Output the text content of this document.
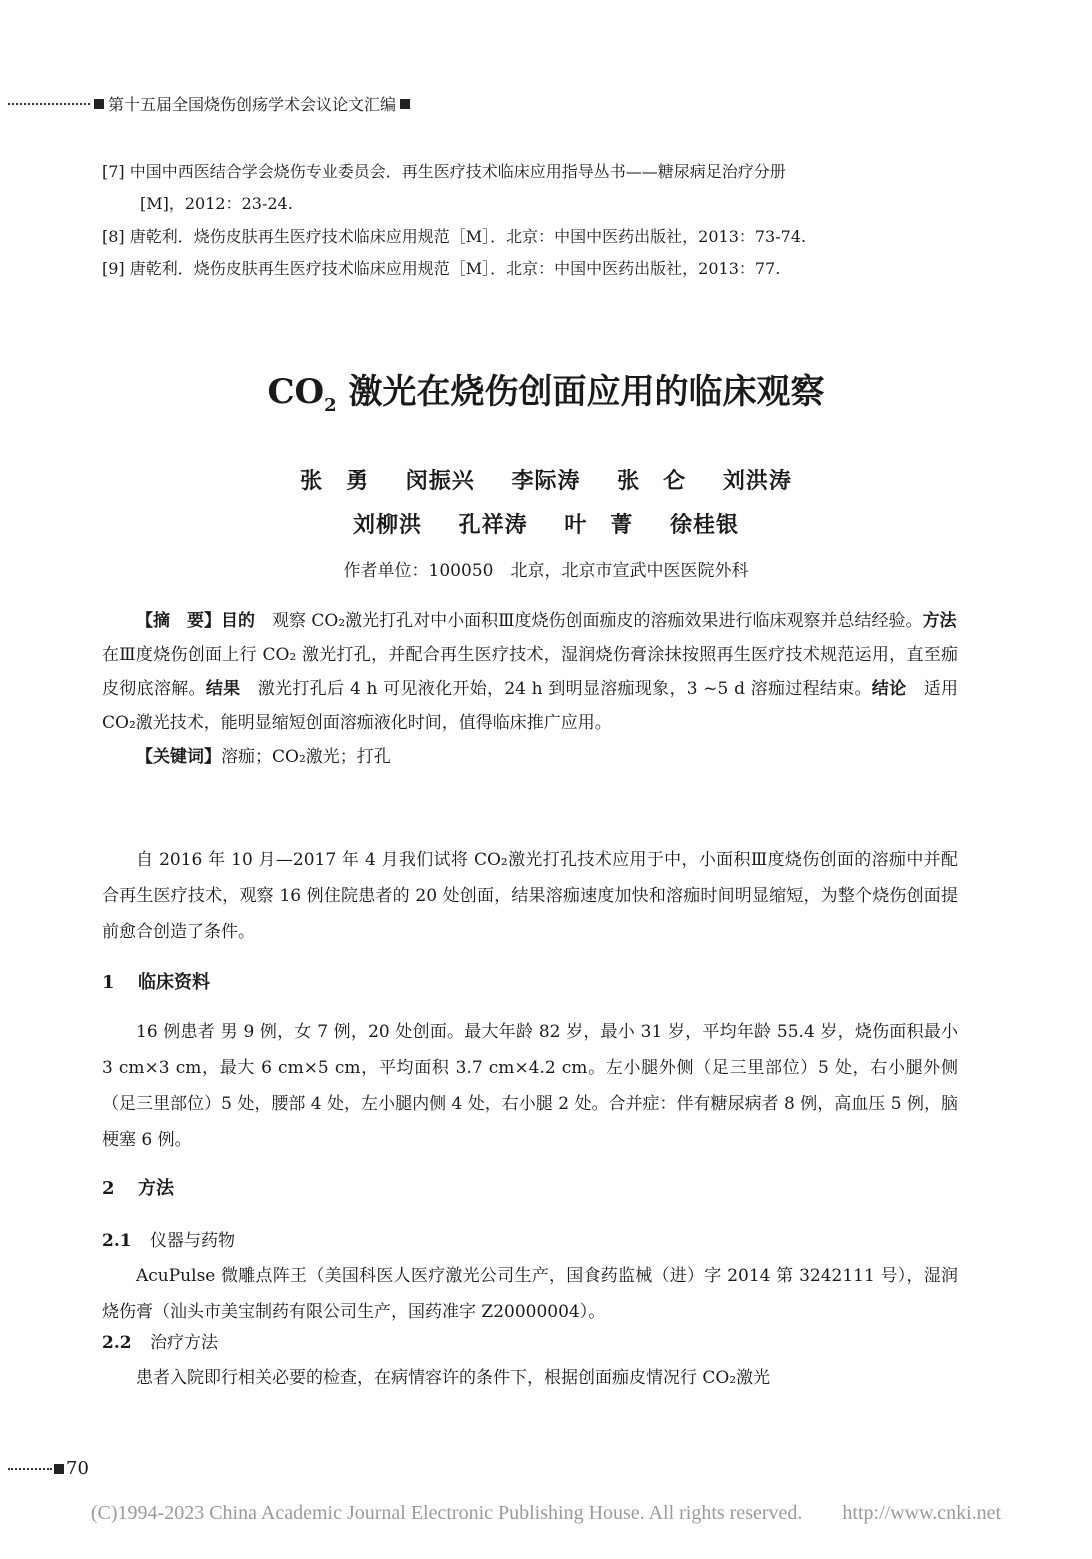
第十五届全国烧伤创疡学术会议论文汇编
[7] 中国中西医结合学会烧伤专业委员会．再生医疗技术临床应用指导丛书——糖尿病足治疗分册
[M]，2012：23-24.
[8] 唐乾利．烧伤皮肤再生医疗技术临床应用规范［M］．北京：中国中医药出版社，2013：73-74.
[9] 唐乾利．烧伤皮肤再生医疗技术临床应用规范［M］．北京：中国中医药出版社，2013：77.
$CO_2$ 激光在烧伤创面应用的临床观察
张　勇 闵振兴 李际涛 张　仑 刘洪涛
刘柳洪 孔祥涛 叶　菁 徐桂银
作者单位：100050　北京，北京市宣武中医医院外科

【摘　要】目的　观察 CO₂激光打孔对中小面积Ⅲ度烧伤创面痂皮的溶痂效果进行临床观察并总结经验。方法　在Ⅲ度烧伤创面上行 CO₂ 激光打孔，并配合再生医疗技术，湿润烧伤膏涂抹按照再生医疗技术规范运用，直至痂皮彻底溶解。结果　激光打孔后 4 h 可见液化开始，24 h 到明显溶痂现象，3 ~5 d 溶痂过程结束。结论　适用 CO₂激光技术，能明显缩短创面溶痂液化时间，值得临床推广应用。

【关键词】溶痂；CO₂激光；打孔

自 2016 年 10 月—2017 年 4 月我们试将 CO₂激光打孔技术应用于中，小面积Ⅲ度烧伤创面的溶痂中并配合再生医疗技术，观察 16 例住院患者的 20 处创面，结果溶痂速度加快和溶痂时间明显缩短，为整个烧伤创面提前愈合创造了条件。

1 临床资料

16 例患者 男 9 例，女 7 例，20 处创面。最大年龄 82 岁，最小 31 岁，平均年龄 55.4 岁，烧伤面积最小 3 cm×3 cm，最大 6 cm×5 cm，平均面积 3.7 cm×4.2 cm。左小腿外侧（足三里部位）5 处，右小腿外侧（足三里部位）5 处，腰部 4 处，左小腿内侧 4 处，右小腿 2 处。合并症：伴有糖尿病者 8 例，高血压 5 例，脑梗塞 6 例。

2 方法
2.1 仪器与药物

AcuPulse 微雕点阵王（美国科医人医疗激光公司生产，国食药监械（进）字 2014 第 3242111 号），湿润烧伤膏（汕头市美宝制药有限公司生产，国药准字 Z20000004）。

2.2 治疗方法

患者入院即行相关必要的检查，在病情容许的条件下，根据创面痂皮情况行 CO₂激光

70
(C)1994-2023 China Academic Journal Electronic Publishing House. All rights reserved.　　http://www.cnki.net
